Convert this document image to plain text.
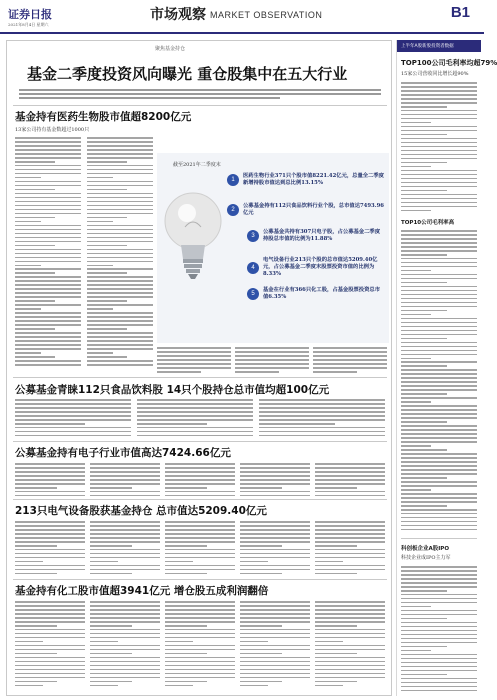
证券日报
2021年8月4日 星期六
市场观察 MARKET OBSERVATION	B1
聚焦基金持仓
基金二季度投资风向曝光 重仓股集中在五大行业
基金持有医药生物股市值超8200亿元
13家公司持有基金数超过1000只
截至2021年二季度末
1
医药生物行业371只个股市值8221.42亿元，总量全二季度新增持股市值达到总比例13.15%
2
公募基金持有112只食品饮料行业个股，总市值达7493.96亿元
3
公募基金共持有307只电子股，占公募基金二季度持股总市值的比例为11.88%
4
电气设备行业213只个股的总市值达5209.40亿元，占公募基金二季度末股票投资市值的比例为8.33%
5
基金在行业有366只化工股，占基金股票投资总市值6.35%
公募基金青睐112只食品饮料股 14只个股持仓总市值均超100亿元
公募基金持有电子行业市值高达7424.66亿元
213只电气设备股获基金持仓 总市值达5209.40亿元
基金持有化工股市值超3941亿元 增仓股五成利润翻倍
上半年A股新股投资者数据
TOP100公司毛利率均超79%
15家公司营收同比增长超90%
TOP10公司毛利率高
科创板企业A股IPO
科技企业成IPO主力军
